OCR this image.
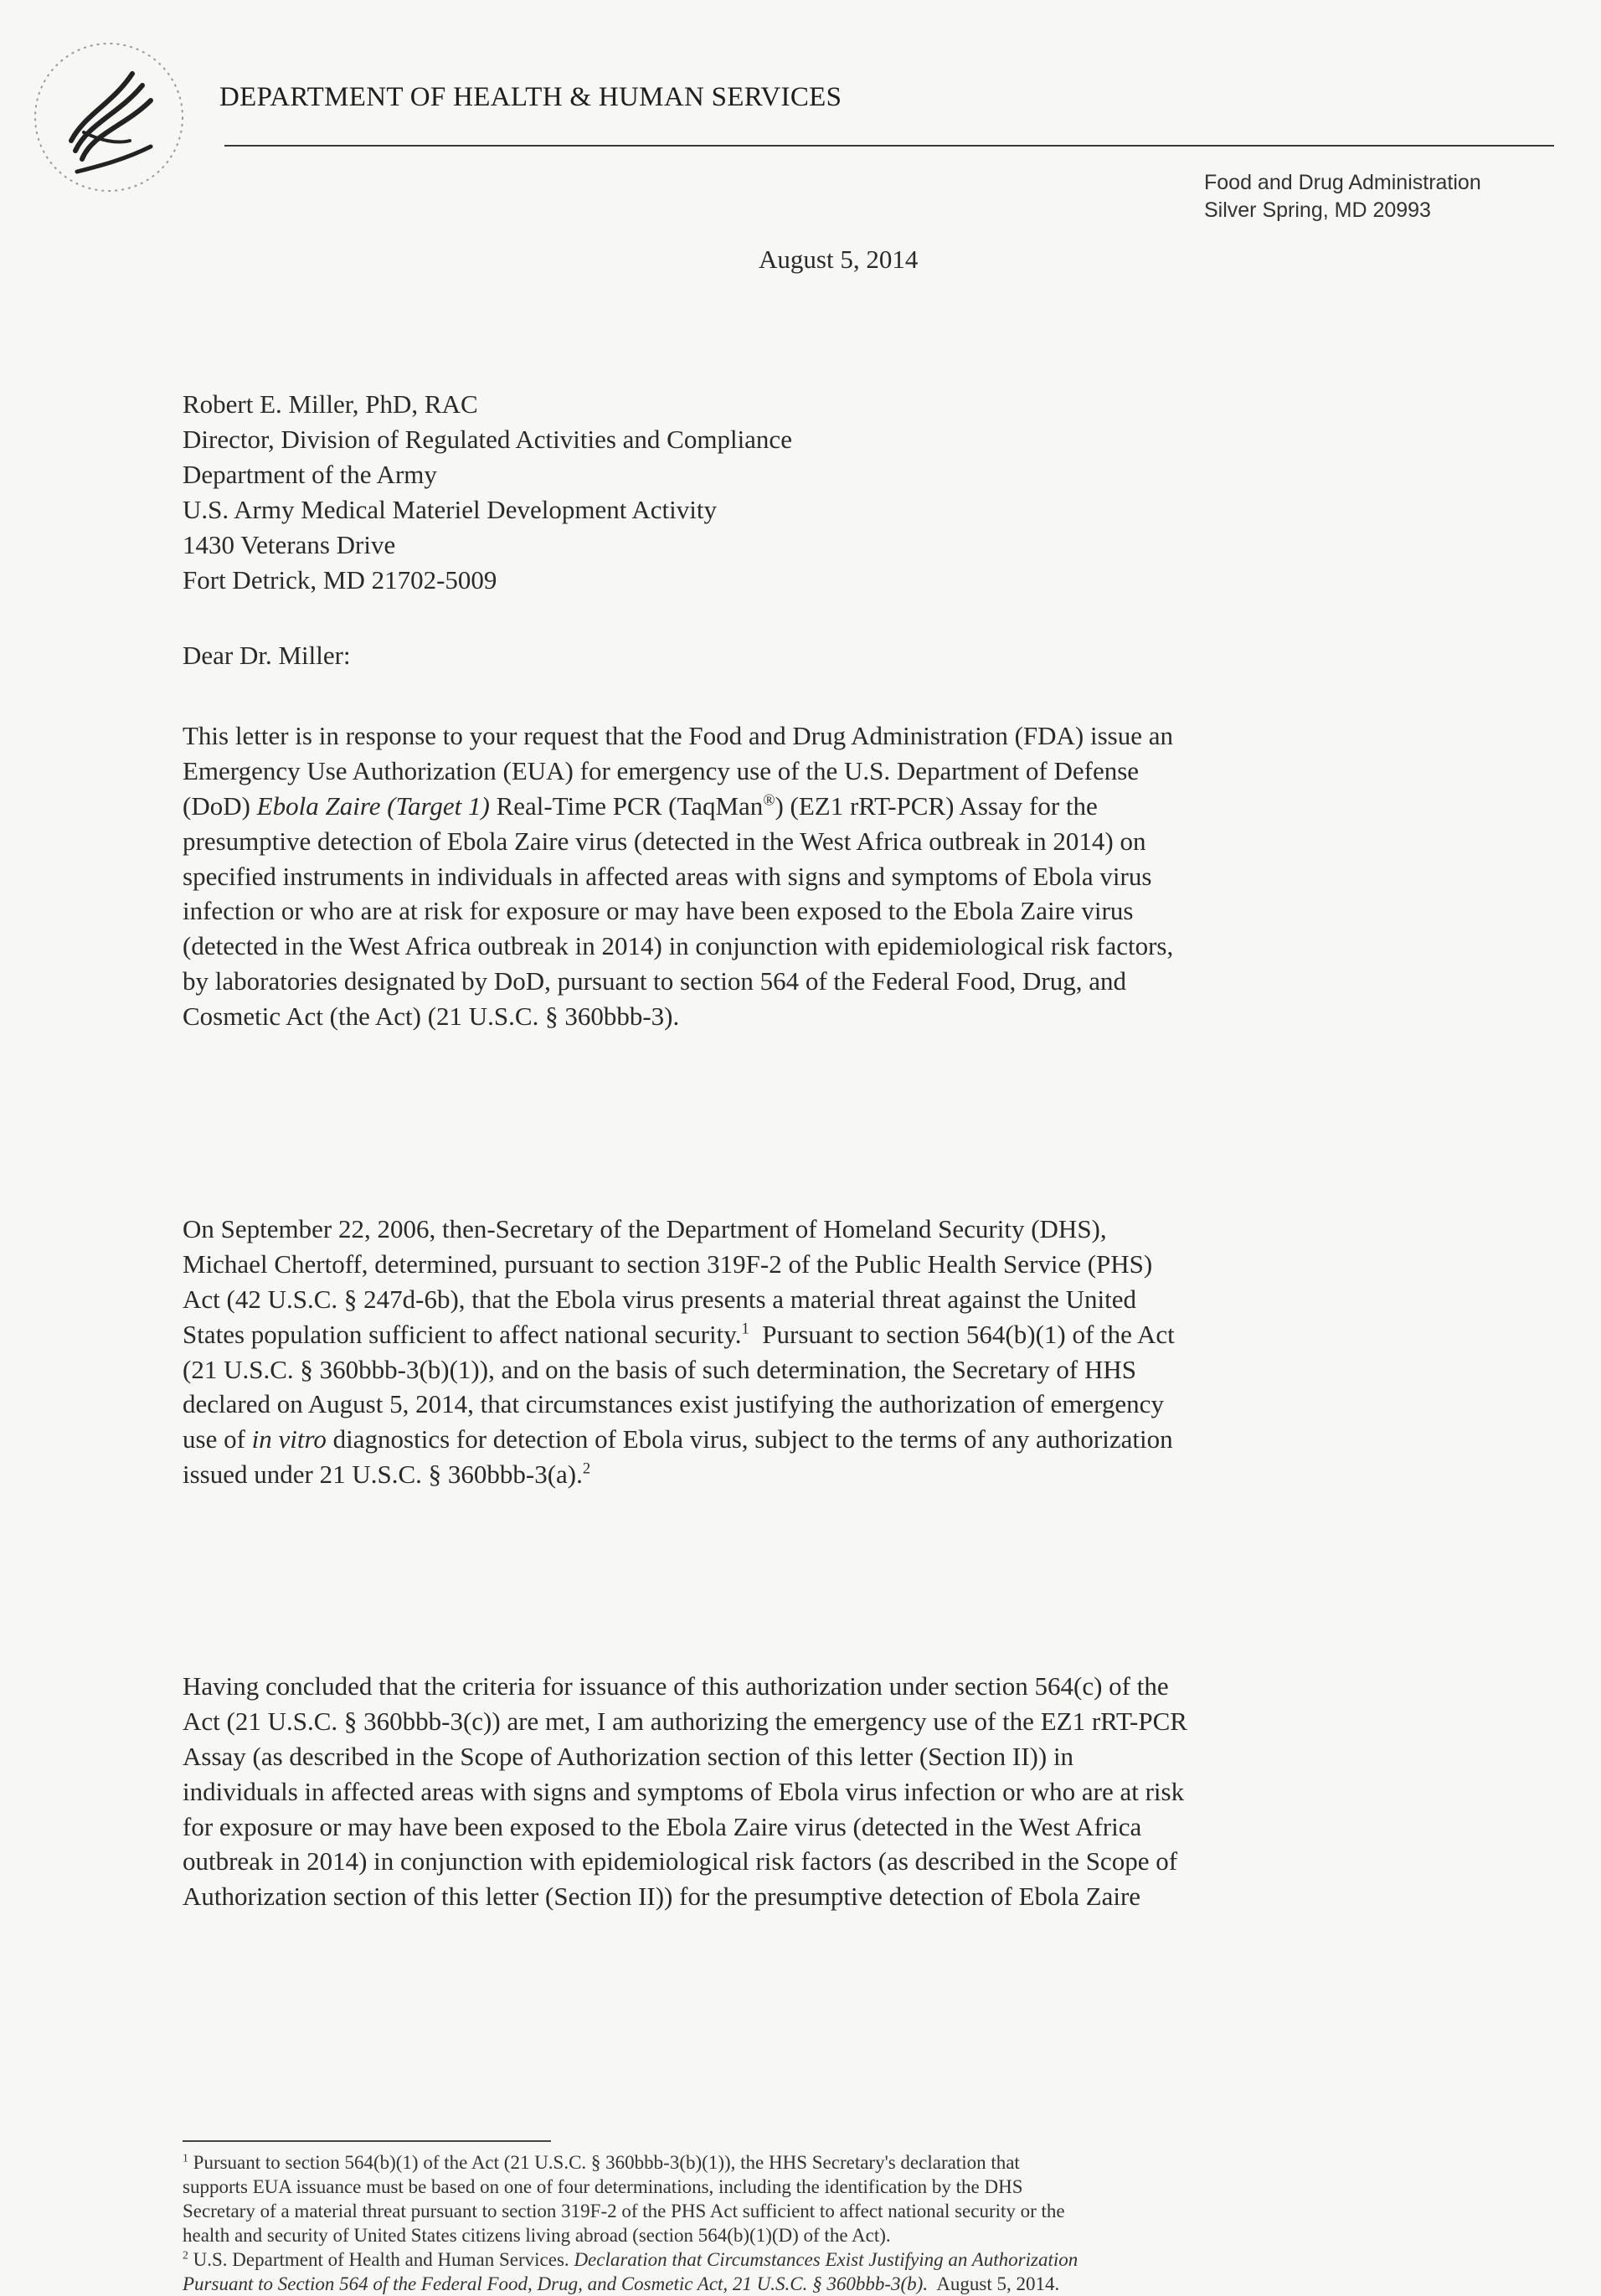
DEPARTMENT OF HEALTH & HUMAN SERVICES
Food and Drug Administration
Silver Spring, MD 20993
August 5, 2014
Robert E. Miller, PhD, RAC
Director, Division of Regulated Activities and Compliance
Department of the Army
U.S. Army Medical Materiel Development Activity
1430 Veterans Drive
Fort Detrick, MD 21702-5009
Dear Dr. Miller:
This letter is in response to your request that the Food and Drug Administration (FDA) issue an
Emergency Use Authorization (EUA) for emergency use of the U.S. Department of Defense
(DoD) Ebola Zaire (Target 1) Real-Time PCR (TaqMan®) (EZ1 rRT-PCR) Assay for the
presumptive detection of Ebola Zaire virus (detected in the West Africa outbreak in 2014) on
specified instruments in individuals in affected areas with signs and symptoms of Ebola virus
infection or who are at risk for exposure or may have been exposed to the Ebola Zaire virus
(detected in the West Africa outbreak in 2014) in conjunction with epidemiological risk factors,
by laboratories designated by DoD, pursuant to section 564 of the Federal Food, Drug, and
Cosmetic Act (the Act) (21 U.S.C. § 360bbb-3).
On September 22, 2006, then-Secretary of the Department of Homeland Security (DHS),
Michael Chertoff, determined, pursuant to section 319F-2 of the Public Health Service (PHS)
Act (42 U.S.C. § 247d-6b), that the Ebola virus presents a material threat against the United
States population sufficient to affect national security.$^1$  Pursuant to section 564(b)(1) of the Act
(21 U.S.C. § 360bbb-3(b)(1)), and on the basis of such determination, the Secretary of HHS
declared on August 5, 2014, that circumstances exist justifying the authorization of emergency
use of in vitro diagnostics for detection of Ebola virus, subject to the terms of any authorization
issued under 21 U.S.C. § 360bbb-3(a).$^2$
Having concluded that the criteria for issuance of this authorization under section 564(c) of the
Act (21 U.S.C. § 360bbb-3(c)) are met, I am authorizing the emergency use of the EZ1 rRT-PCR
Assay (as described in the Scope of Authorization section of this letter (Section II)) in
individuals in affected areas with signs and symptoms of Ebola virus infection or who are at risk
for exposure or may have been exposed to the Ebola Zaire virus (detected in the West Africa
outbreak in 2014) in conjunction with epidemiological risk factors (as described in the Scope of
Authorization section of this letter (Section II)) for the presumptive detection of Ebola Zaire
$^1$ Pursuant to section 564(b)(1) of the Act (21 U.S.C. § 360bbb-3(b)(1)), the HHS Secretary's declaration that
supports EUA issuance must be based on one of four determinations, including the identification by the DHS
Secretary of a material threat pursuant to section 319F-2 of the PHS Act sufficient to affect national security or the
health and security of United States citizens living abroad (section 564(b)(1)(D) of the Act).
$^2$ U.S. Department of Health and Human Services. Declaration that Circumstances Exist Justifying an Authorization
Pursuant to Section 564 of the Federal Food, Drug, and Cosmetic Act, 21 U.S.C. § 360bbb-3(b).  August 5, 2014.
